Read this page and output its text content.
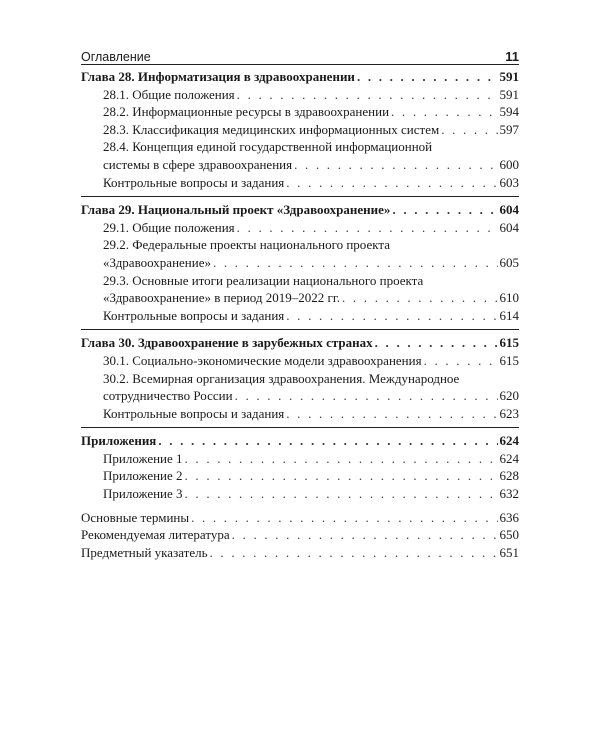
Оглавление	11
Глава 28. Информатизация в здравоохранении . . .	591
28.1. Общие положения . . .	591
28.2. Информационные ресурсы в здравоохранении . . .	594
28.3. Классификация медицинских информационных систем . . .	597
28.4. Концепция единой государственной информационной
системы в сфере здравоохранения . . .	600
Контрольные вопросы и задания . . .	603
Глава 29. Национальный проект «Здравоохранение» . . .	604
29.1. Общие положения . . .	604
29.2. Федеральные проекты национального проекта
«Здравоохранение» . . .	605
29.3. Основные итоги реализации национального проекта
«Здравоохранение» в период 2019–2022 гг. . . .	610
Контрольные вопросы и задания . . .	614
Глава 30. Здравоохранение в зарубежных странах . . .	615
30.1. Социально-экономические модели здравоохранения . . .	615
30.2. Всемирная организация здравоохранения. Международное
сотрудничество России . . .	620
Контрольные вопросы и задания . . .	623
Приложения . . .	624
Приложение 1 . . .	624
Приложение 2 . . .	628
Приложение 3 . . .	632
Основные термины . . .	636
Рекомендуемая литература . . .	650
Предметный указатель . . .	651
